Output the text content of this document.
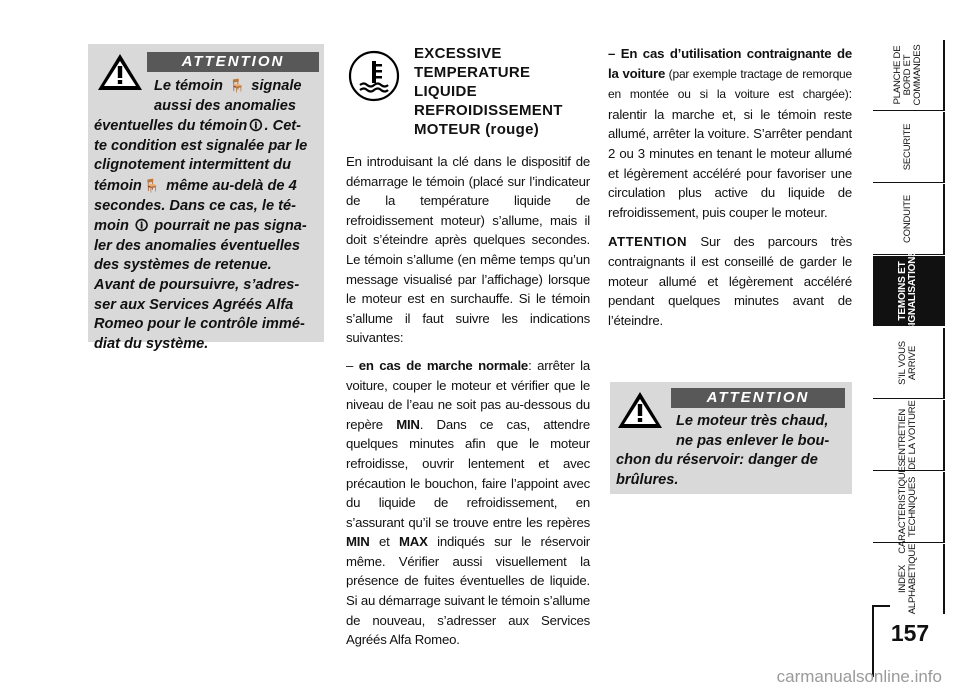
ATTENTION
Le témoin 🪑 signale
aussi des anomalies
éventuelles du témoin 🛈 . Cet-
te condition est signalée par le
clignotement intermittent du
témoin 🪑 même au-delà de 4
secondes. Dans ce cas, le té-
moin 🛈 pourrait ne pas signa-
ler des anomalies éventuelles
des systèmes de retenue.
Avant de poursuivre, s’adres-
ser aux Services Agréés Alfa
Romeo pour le contrôle immé-
diat du système.
EXCESSIVE
TEMPERATURE
LIQUIDE
REFROIDISSEMENT
MOTEUR (rouge)

En introduisant la clé dans le dispositif de démarrage le témoin (placé sur l’indicateur de la température liquide de refroidissement moteur) s’allume, mais il doit s’éteindre après quelques secondes. Le témoin s’allume (en même temps qu’un message visualisé par l’affichage) lorsque le moteur est en surchauffe. Si le témoin s’allume il faut suivre les indications suivantes:

– en cas de marche normale: arrêter la voiture, couper le moteur et vérifier que le niveau de l’eau ne soit pas au-dessous du repère MIN. Dans ce cas, attendre quelques minutes afin que le moteur refroidisse, ouvrir lentement et avec précaution le bouchon, faire l’appoint avec du liquide de refroidissement, en s’assurant qu’il se trouve entre les repères MIN et MAX indiqués sur le réservoir même. Vérifier aussi visuellement la présence de fuites éventuelles de liquide. Si au démarrage suivant le témoin s’allume de nouveau, s’adresser aux Services Agréés Alfa Romeo.

– En cas d’utilisation contraignante de la voiture (par exemple tractage de remorque en montée ou si la voiture est chargée): ralentir la marche et, si le témoin reste allumé, arrêter la voiture. S’arrêter pendant 2 ou 3 minutes en tenant le moteur allumé et légèrement accéléré pour favoriser une circulation plus active du liquide de refroidissement, puis couper le moteur.

ATTENTION Sur des parcours très contraignants il est conseillé de garder le moteur allumé et légèrement accéléré pendant quelques minutes avant de l’éteindre.

ATTENTION
Le moteur très chaud,
ne pas enlever le bou-
chon du réservoir: danger de
brûlures.
PLANCHE DE
BORD ET
COMMANDES
SECURITE
CONDUITE
TEMOINS ET
SIGNALISATIONS
S’IL VOUS
ARRIVE
ENTRETIEN
DE LA VOITURE
CARACTERISTIQUES
TECHNIQUES
INDEX
ALPHABETIQUE
157
carmanualsonline.info
